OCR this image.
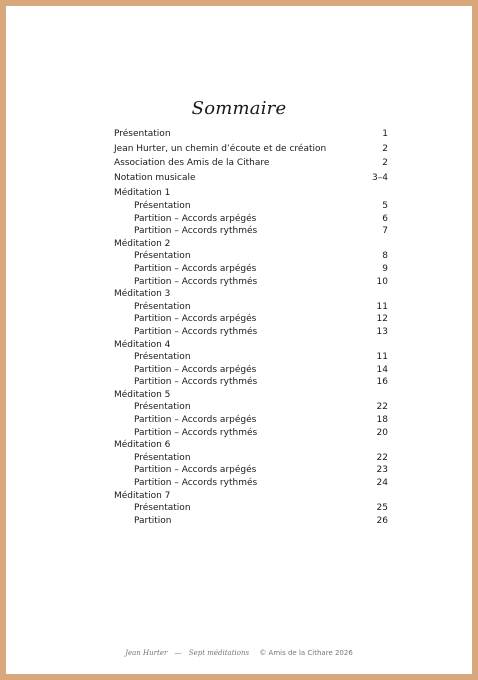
Sommaire
Présentation	1
Jean Hurter, un chemin d’écoute et de création	2
Association des Amis de la Cithare	2
Notation musicale	3–4
Méditation 1
Présentation	5
Partition – Accords arpégés	6
Partition – Accords rythmés	7
Méditation 2
Présentation	8
Partition – Accords arpégés	9
Partition – Accords rythmés	10
Méditation 3
Présentation	11
Partition – Accords arpégés	12
Partition – Accords rythmés	13
Méditation 4
Présentation	11
Partition – Accords arpégés	14
Partition – Accords rythmés	16
Méditation 5
Présentation	22
Partition – Accords arpégés	18
Partition – Accords rythmés	20
Méditation 6
Présentation	22
Partition – Accords arpégés	23
Partition – Accords rythmés	24
Méditation 7
Présentation	25
Partition	26
Jean Hurter — Sept méditations © Amis de la Cithare 2026
